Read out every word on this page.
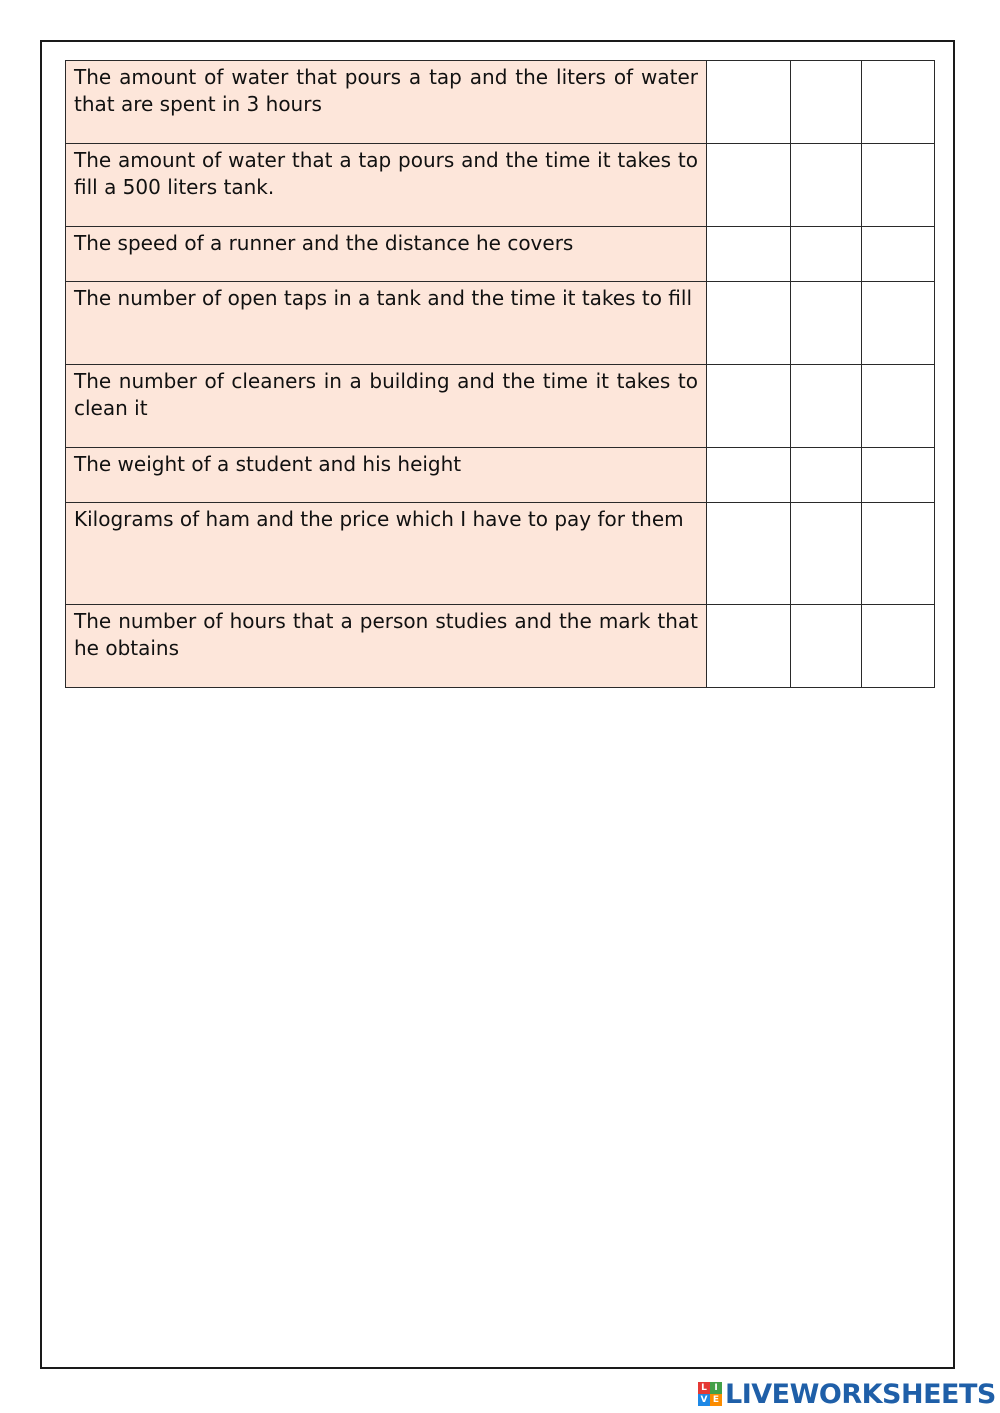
The amount of water that pours a tap and the liters of water that are spent in 3 hours			
The amount of water that a tap pours and the time it takes to fill a 500 liters tank.			
The speed of a runner and the distance he covers			
The number of open taps in a tank and the time it takes to fill			
The number of cleaners in a building and the time it takes to clean it			
The weight of a student and his height			
Kilograms of ham and the price which I have to pay for them			
The number of hours that a person studies and the mark that he obtains			
L I
V E LIVEWORKSHEETS
